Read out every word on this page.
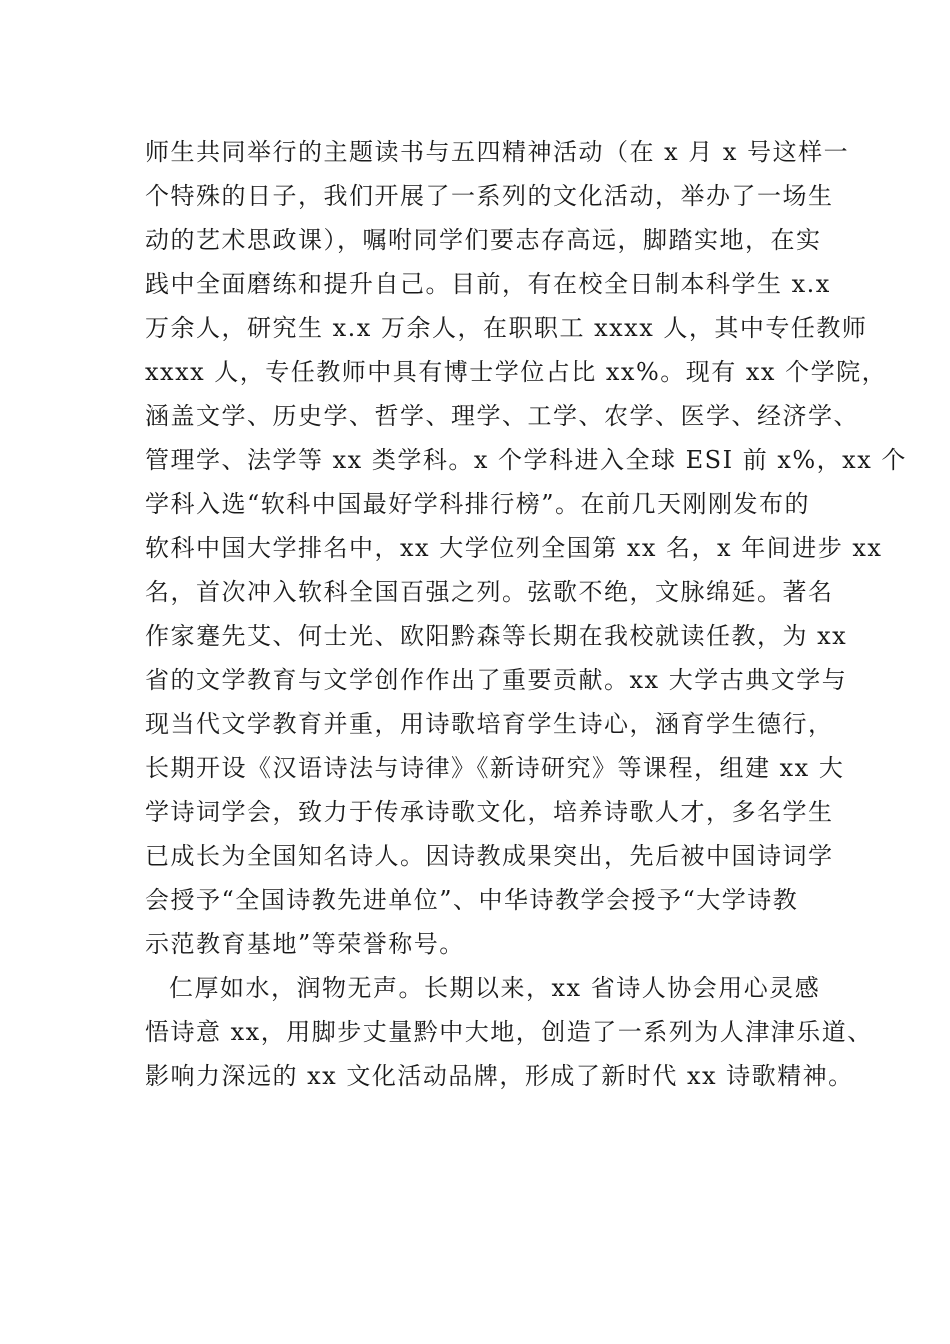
师生共同举行的主题读书与五四精神活动（在 x 月 x 号这样一
个特殊的日子，我们开展了一系列的文化活动，举办了一场生
动的艺术思政课），嘱咐同学们要志存高远，脚踏实地，在实
践中全面磨练和提升自己。目前，有在校全日制本科学生 x.x
万余人，研究生 x.x 万余人，在职职工 xxxx 人，其中专任教师
xxxx 人，专任教师中具有博士学位占比 xx%。现有 xx 个学院，
涵盖文学、历史学、哲学、理学、工学、农学、医学、经济学、
管理学、法学等 xx 类学科。x 个学科进入全球 ESI 前 x%，xx 个
学科入选“软科中国最好学科排行榜”。在前几天刚刚发布的
软科中国大学排名中，xx 大学位列全国第 xx 名，x 年间进步 xx
名，首次冲入软科全国百强之列。弦歌不绝，文脉绵延。著名
作家蹇先艾、何士光、欧阳黔森等长期在我校就读任教，为 xx
省的文学教育与文学创作作出了重要贡献。xx 大学古典文学与
现当代文学教育并重，用诗歌培育学生诗心，涵育学生德行，
长期开设《汉语诗法与诗律》《新诗研究》等课程，组建 xx 大
学诗词学会，致力于传承诗歌文化，培养诗歌人才，多名学生
已成长为全国知名诗人。因诗教成果突出，先后被中国诗词学
会授予“全国诗教先进单位”、中华诗教学会授予“大学诗教
示范教育基地”等荣誉称号。
仁厚如水，润物无声。长期以来，xx 省诗人协会用心灵感
悟诗意 xx，用脚步丈量黔中大地，创造了一系列为人津津乐道、
影响力深远的 xx 文化活动品牌，形成了新时代 xx 诗歌精神。
